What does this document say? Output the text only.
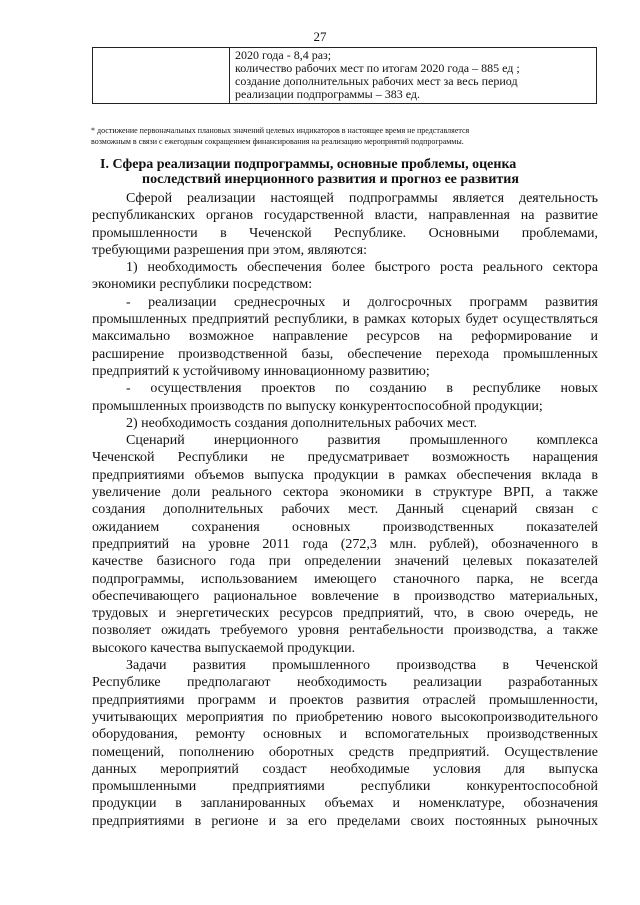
27

2020 года - 8,4 раз;
количество рабочих мест по итогам 2020 года – 885 ед ;
создание дополнительных рабочих мест за весь период
реализации подпрограммы – 383 ед.
* достижение первоначальных плановых значений целевых индикаторов в настоящее время не представляется
возможным в связи с ежегодным сокращением финансирования на реализацию мероприятий подпрограммы.
I. Сфера реализации подпрограммы, основные проблемы, оценка
последствий инерционного развития и прогноз ее развития
Сферой реализации настоящей подпрограммы является деятельность
республиканских органов государственной власти, направленная на развитие
промышленности в Чеченской Республике. Основными проблемами,
требующими разрешения при этом, являются:
1) необходимость обеспечения более быстрого роста реального сектора
экономики республики посредством:
- реализации среднесрочных и долгосрочных программ развития
промышленных предприятий республики, в рамках которых будет осуществляться
максимально возможное направление ресурсов на реформирование и
расширение производственной базы, обеспечение перехода промышленных
предприятий к устойчивому инновационному развитию;
- осуществления проектов по созданию в республике новых
промышленных производств по выпуску конкурентоспособной продукции;
2) необходимость создания дополнительных рабочих мест.
Сценарий инерционного развития промышленного комплекса
Чеченской Республики не предусматривает возможность наращения
предприятиями объемов выпуска продукции в рамках обеспечения вклада в
увеличение доли реального сектора экономики в структуре ВРП, а также
создания дополнительных рабочих мест. Данный сценарий связан с
ожиданием сохранения основных производственных показателей
предприятий на уровне 2011 года (272,3 млн. рублей), обозначенного в
качестве базисного года при определении значений целевых показателей
подпрограммы, использованием имеющего станочного парка, не всегда
обеспечивающего рациональное вовлечение в производство материальных,
трудовых и энергетических ресурсов предприятий, что, в свою очередь, не
позволяет ожидать требуемого уровня рентабельности производства, а также
высокого качества выпускаемой продукции.
Задачи развития промышленного производства в Чеченской
Республике предполагают необходимость реализации разработанных
предприятиями программ и проектов развития отраслей промышленности,
учитывающих мероприятия по приобретению нового высокопроизводительного
оборудования, ремонту основных и вспомогательных производственных
помещений, пополнению оборотных средств предприятий. Осуществление
данных мероприятий создаст необходимые условия для выпуска
промышленными предприятиями республики конкурентоспособной
продукции в запланированных объемах и номенклатуре, обозначения
предприятиями в регионе и за его пределами своих постоянных рыночных
